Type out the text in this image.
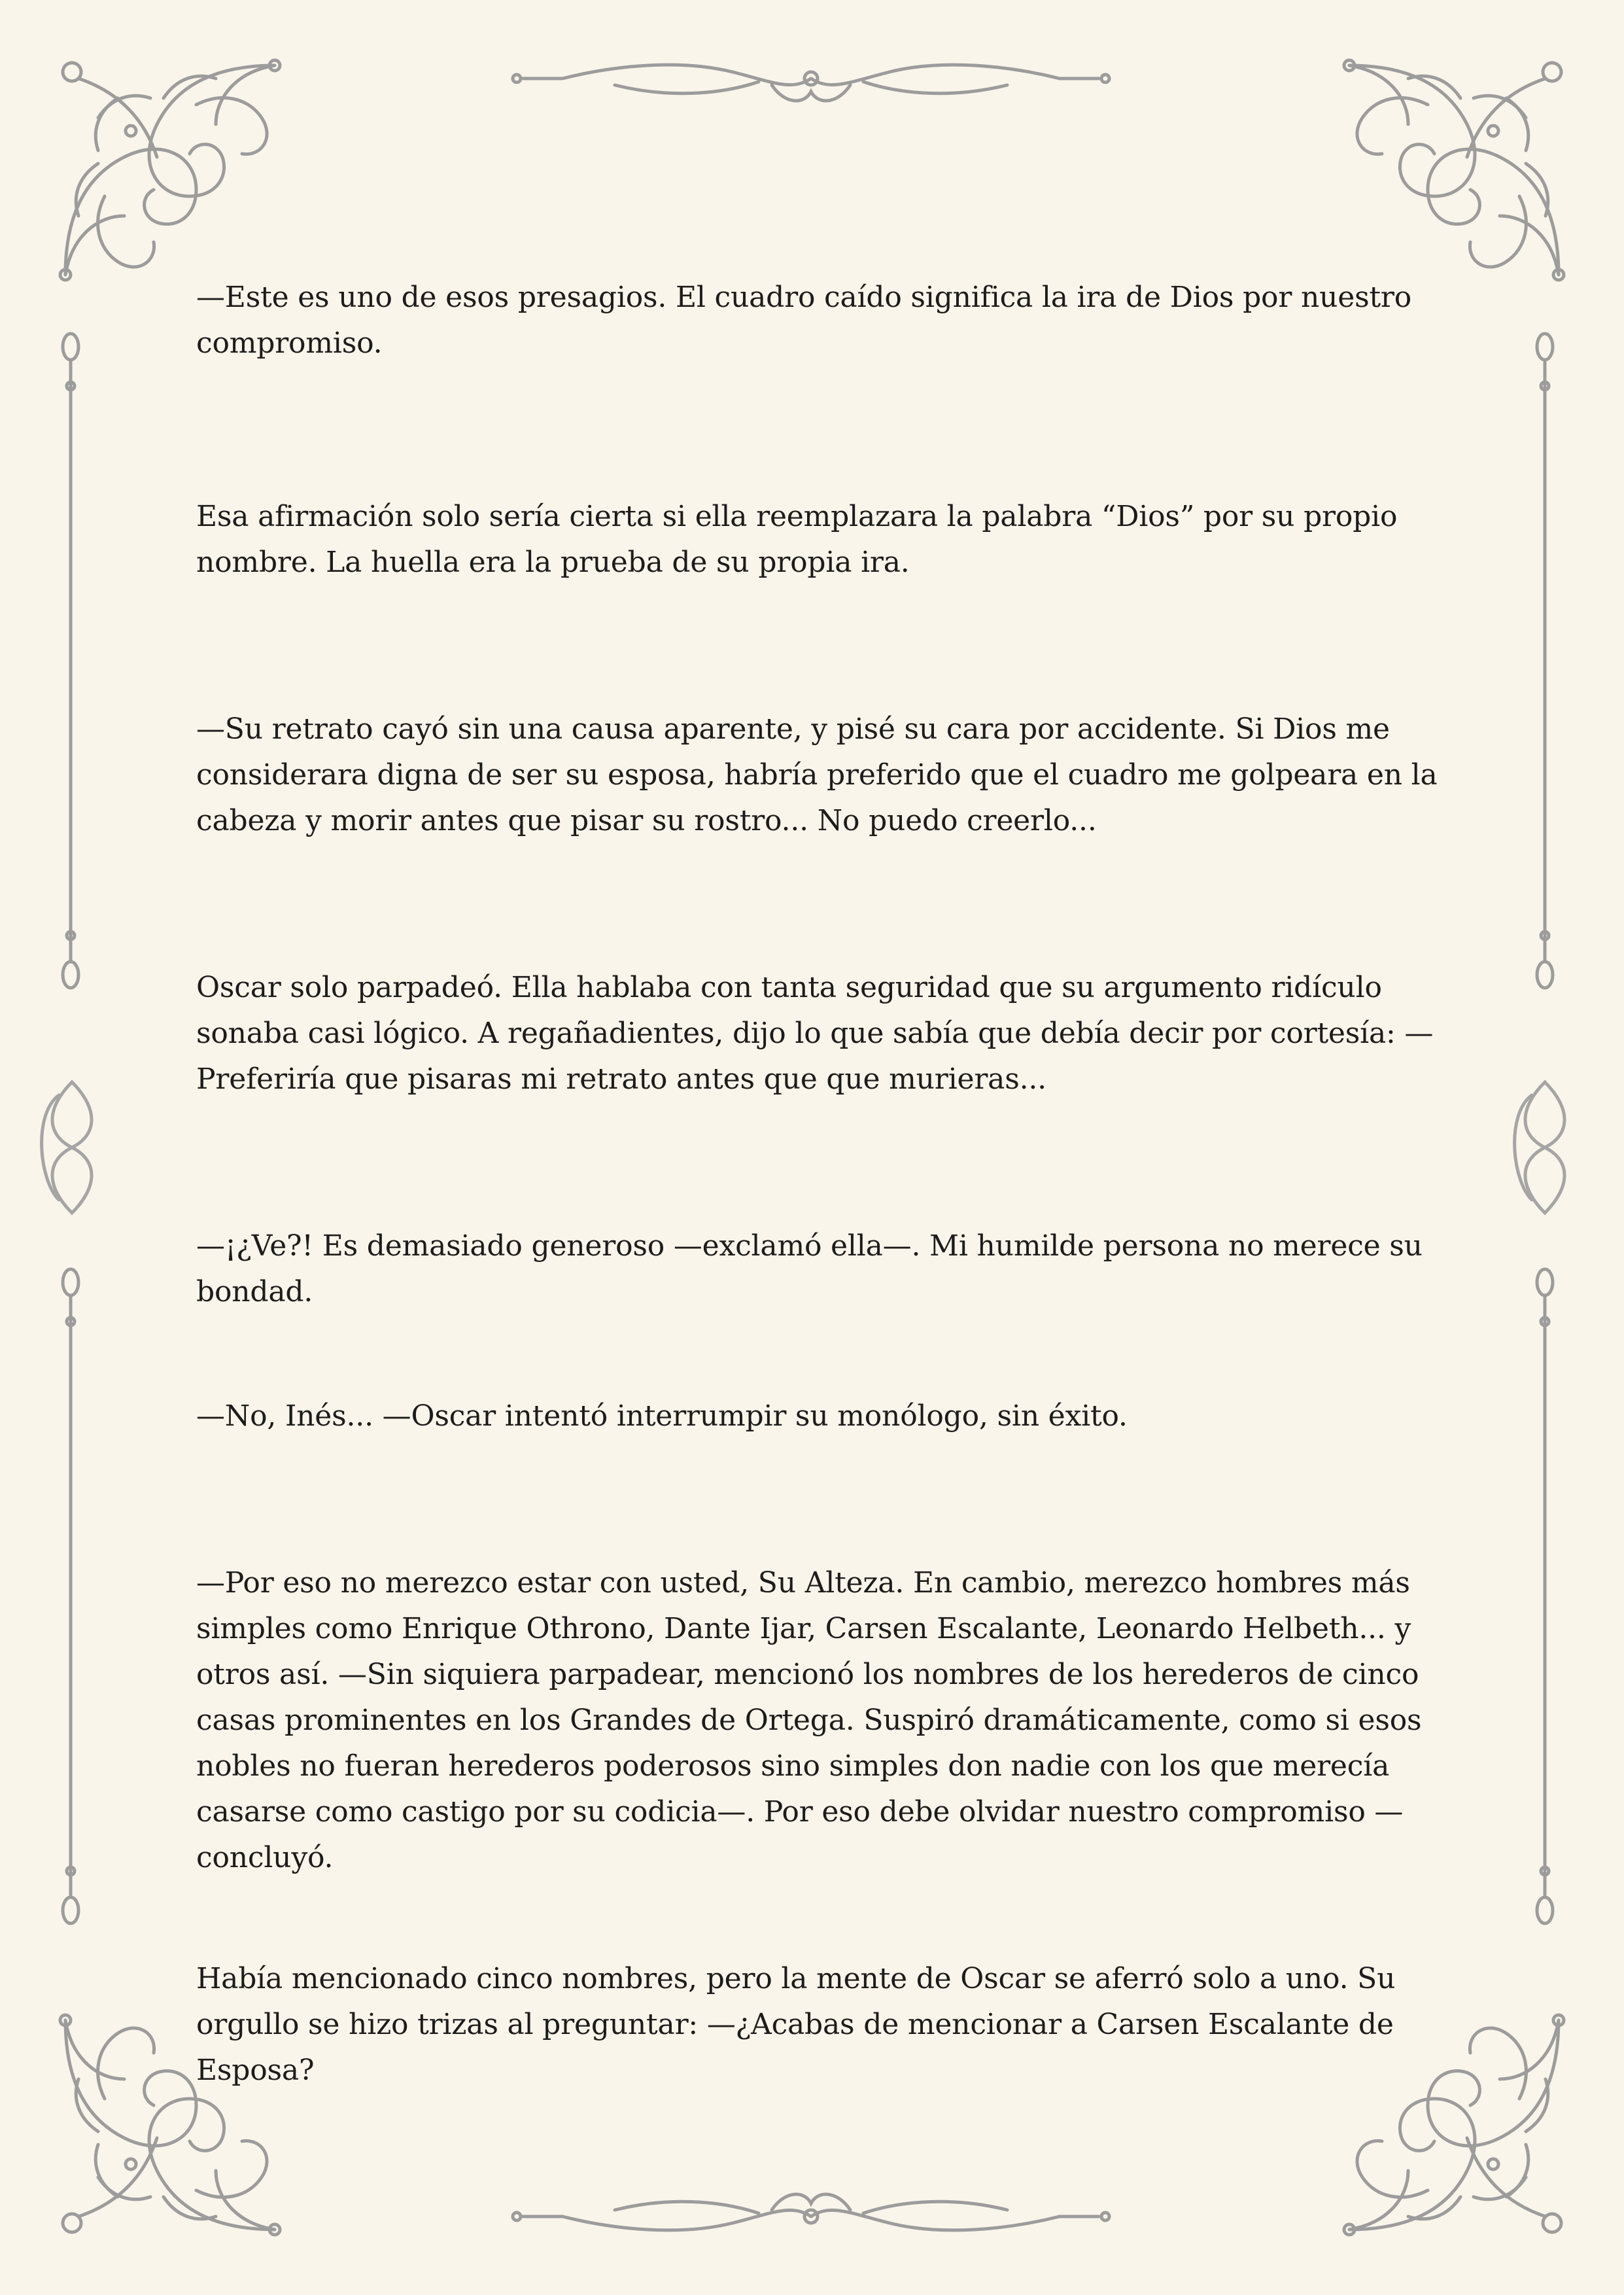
—Este es uno de esos presagios. El cuadro caído significa la ira de Dios por nuestro compromiso.

Esa afirmación solo sería cierta si ella reemplazara la palabra “Dios” por su propio nombre. La huella era la prueba de su propia ira.

—Su retrato cayó sin una causa aparente, y pisé su cara por accidente. Si Dios me considerara digna de ser su esposa, habría preferido que el cuadro me golpeara en la cabeza y morir antes que pisar su rostro... No puedo creerlo...

Oscar solo parpadeó. Ella hablaba con tanta seguridad que su argumento ridículo sonaba casi lógico. A regañadientes, dijo lo que sabía que debía decir por cortesía: —Preferiría que pisaras mi retrato antes que que murieras...

—¡¿Ve?! Es demasiado generoso —exclamó ella—. Mi humilde persona no merece su bondad.

—No, Inés... —Oscar intentó interrumpir su monólogo, sin éxito.

—Por eso no merezco estar con usted, Su Alteza. En cambio, merezco hombres más simples como Enrique Othrono, Dante Ijar, Carsen Escalante, Leonardo Helbeth... y otros así. —Sin siquiera parpadear, mencionó los nombres de los herederos de cinco casas prominentes en los Grandes de Ortega. Suspiró dramáticamente, como si esos nobles no fueran herederos poderosos sino simples don nadie con los que merecía casarse como castigo por su codicia—. Por eso debe olvidar nuestro compromiso —concluyó.

Había mencionado cinco nombres, pero la mente de Oscar se aferró solo a uno. Su orgullo se hizo trizas al preguntar: —¿Acabas de mencionar a Carsen Escalante de Esposa?
